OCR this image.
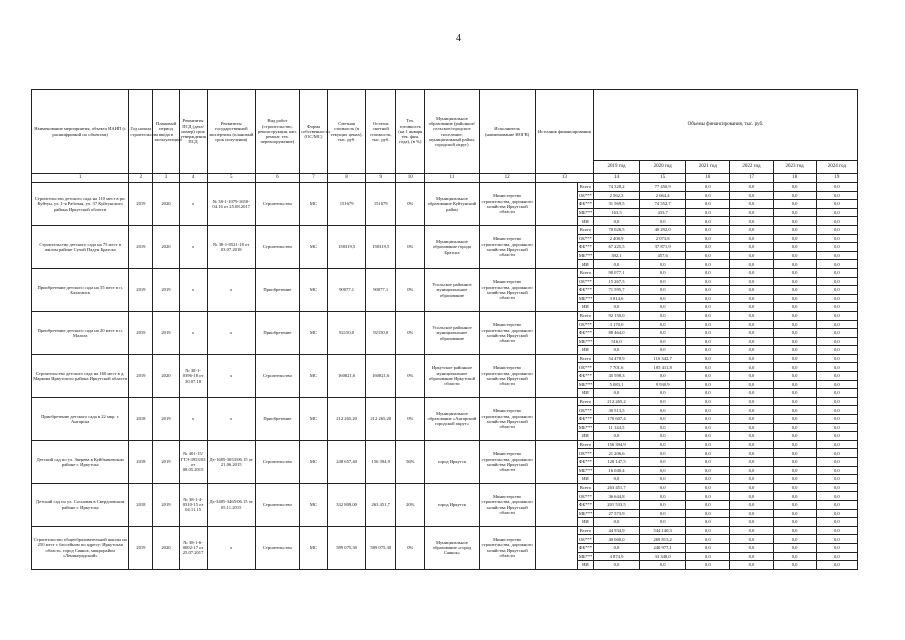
4
Наименование мероприятия, объекта ИАИП (с расшифровкой по объектам)	Год начала строительства	Плановый период ввода в эксплуатацию	Реквизиты ПСД (дата/номер) срок утверждения ПСД	Реквизиты государственной экспертизы (плановый срок получения)	Вид работ (строительство, реконструкция, кап. ремонт, тех. перевооружение)	Форма собственности (ОС/МС)	Сметная стоимость (в текущих ценах), тыс. руб.	Остаток сметной стоимости, тыс. руб.	Тех. готовность (на 1 января тек. фин. года), (в %)	Муниципальное образование (районное/сельское/городское поселение, муниципальный район, городской округ)	Исполнитель (наименование ИОГВ)	Источник финансирования		Объемы финансирования, тыс. руб.					
														2019 год	2020 год	2021 год	2022 год	2023 год	2024 год
1	2	3	4	5	6	7	8	9	10	11	12	13		14	15	16	17	18	19
Строительство детского сада на 110 мест в рп. Куйтун, ул. 1-я Рабочая, уч. 37 Куйтунского района Иркутской области	2019	2020	х	№ 38-1-1079-1650-04.16 от 25.08.2017	Строительство	МС	151679	151679	0%	Муниципальное образование Куйтунский район	Министерство строительства, дорожного хозяйства Иркутской области		Всего	74 328,2	77 450,9	0,0	0,0	0,0	0,0
													ОБ***	2 562,3	2 664,4	0,0	0,0	0,0	0,0
													ФБ***	31 569,5	74 552,7	0,0	0,0	0,0	0,0
													МБ***	163,5	433,7	0,0	0,0	0,0	0,0
													ИИ	0,0	0,0	0,0	0,0	0,0	0,0
Строительство детского сада на 75 мест в жилом районе Сухой Падун Братска	2019	2020	х	№ 38-1-0521-18 от 03.07.2018	Строительство	МС	158319,5	158319,5	0%	Муниципальное образование города Братска	Министерство строительства, дорожного хозяйства Иркутской области		Всего	70 026,5	40 292,0	0,0	0,0	0,0	0,0
													ОБ***	2 408,9	2 073,8	0,0	0,0	0,0	0,0
													ФБ***	67 225,5	37 871,9	0,0	0,0	0,0	0,0
													МБ***	392,1	457,6	0,0	0,0	0,0	0,0
													ИИ	0,0	0,0	0,0	0,0	0,0	0,0
Приобретение детского сада на 55 мест в п. Балаганск	2019	2019	х	х	Приобретение	МС	90077,1	90077,1	0%	Усольское районное муниципальное образование	Министерство строительства, дорожного хозяйства Иркутской области		Всего	90 077,1	0,0	0,0	0,0	0,0	0,0
													ОБ***	15 267,5	0,0	0,0	0,0	0,0	0,0
													ФБ***	71 595,7	0,0	0,0	0,0	0,0	0,0
													МБ***	3 814,6	0,0	0,0	0,0	0,0	0,0
													ИИ	0,0	0,0	0,0	0,0	0,0	0,0
Приобретение детского сада на 20 мест в п. Мальта	2019	2019	х	х	Приобретение	МС	92150,0	92150,0	0%	Усольское районное муниципальное образование	Министерство строительства, дорожного хозяйства Иркутской области		Всего	92 150,0	0,0	0,0	0,0	0,0	0,0
													ОБ***	3 170,0	0,0	0,0	0,0	0,0	0,0
													ФБ***	88 464,0	0,0	0,0	0,0	0,0	0,0
													МБ***	516,0	0,0	0,0	0,0	0,0	0,0
													ИИ	0,0	0,0	0,0	0,0	0,0	0,0
Строительство детского сада на 160 мест в д. Маркова Иркутского района Иркутской области	2019	2020	№ 38-1-0396-18 от 30.07.18	х	Строительство	МС	160821,6	160821,6	0%	Иркутское районное муниципальное образование Иркутской области	Министерство строительства, дорожного хозяйства Иркутской области		Всего	54 478,9	116 342,7	0,0	0,0	0,0	0,0
													ОБ***	7 701,6	105 411,8	0,0	0,0	0,0	0,0
													ФБ***	45 598,3	0,0	0,0	0,0	0,0	0,0
													МБ***	5 083,1	9 930,9	0,0	0,0	0,0	0,0
													ИИ	0,0	0,0	0,0	0,0	0,0	0,0
Приобретение детского сада в 22 мкр. г. Ангарска	2018	2019	х	х	Приобретение	МС	212 265,20	212 265,20	0%	Муниципальное образование «Ангарский городской округ»	Министерство строительства, дорожного хозяйства Иркутской области		Всего	212 265,2	0,0	0,0	0,0	0,0	0,0
													ОБ***	30 513,5	0,0	0,0	0,0	0,0	0,0
													ФБ***	170 607,4	0,0	0,0	0,0	0,0	0,0
													МБ***	11 144,5	0,0	0,0	0,0	0,0	0,0
													ИИ	0,0	0,0	0,0	0,0	0,0	0,0
Детский сад по ул. Зверева в Куйбышевском районе г. Иркутска	2018	2019	№ 401-15/ГТЭ-3953/03 от 08.05.2015	Дз-1685-3053/06.15 от 21.06.2015	Строительство	МС	248 657,40	156 394,9	56%	город Иркутск	Министерство строительства, дорожного хозяйства Иркутской области		Всего	156 394,9	0,0	0,0	0,0	0,0	0,0
													ОБ***	21 206,6	0,0	0,0	0,0	0,0	0,0
													ФБ***	120 147,5	0,0	0,0	0,0	0,0	0,0
													МБ***	16 040,4	0,0	0,0	0,0	0,0	0,0
													ИИ	0,0	0,0	0,0	0,0	0,0	0,0
Детский сад по ул. Сосновая в Свердловском районе г. Иркутска	2018	2019	№ 38-1-4-0310-15 от 04.11.15	Дз-3485-3465/06.15 от 05.11.2015	Строительство	МС	332 809,00	263 451,7	20%	город Иркутск	Министерство строительства, дорожного хозяйства Иркутской области		Всего	263 451,7	0,0	0,0	0,0	0,0	0,0
													ОБ***	36 644,8	0,0	0,0	0,0	0,0	0,0
													ФБ***	201 533,5	0,0	0,0	0,0	0,0	0,0
													МБ***	27 573,9	0,0	0,0	0,0	0,0	0,0
													ИИ	0,0	0,0	0,0	0,0	0,0	0,0
Строительство общеобразовательной школы на 250 мест с бассейном по адресу: Иркутская область, город Саянск, микрорайон «Ленинградский»	2019	2020	№ 38-1-6-0002-17 от 25.07.2017	х	Строительство	МС	589 075,30	589 075,30	0%	Муниципальное образование «город Саянск»	Министерство строительства, дорожного хозяйства Иркутской области		Всего	44 934,9	544 140,3	0,0	0,0	0,0	0,0
													ОБ***	40 060,0	269 815,2	0,0	0,0	0,0	0,0
													ФБ***	0,0	240 977,1	0,0	0,0	0,0	0,0
													МБ***	4 874,9	33 348,0	0,0	0,0	0,0	0,0
													ИИ	0,0	0,0	0,0	0,0	0,0	0,0
